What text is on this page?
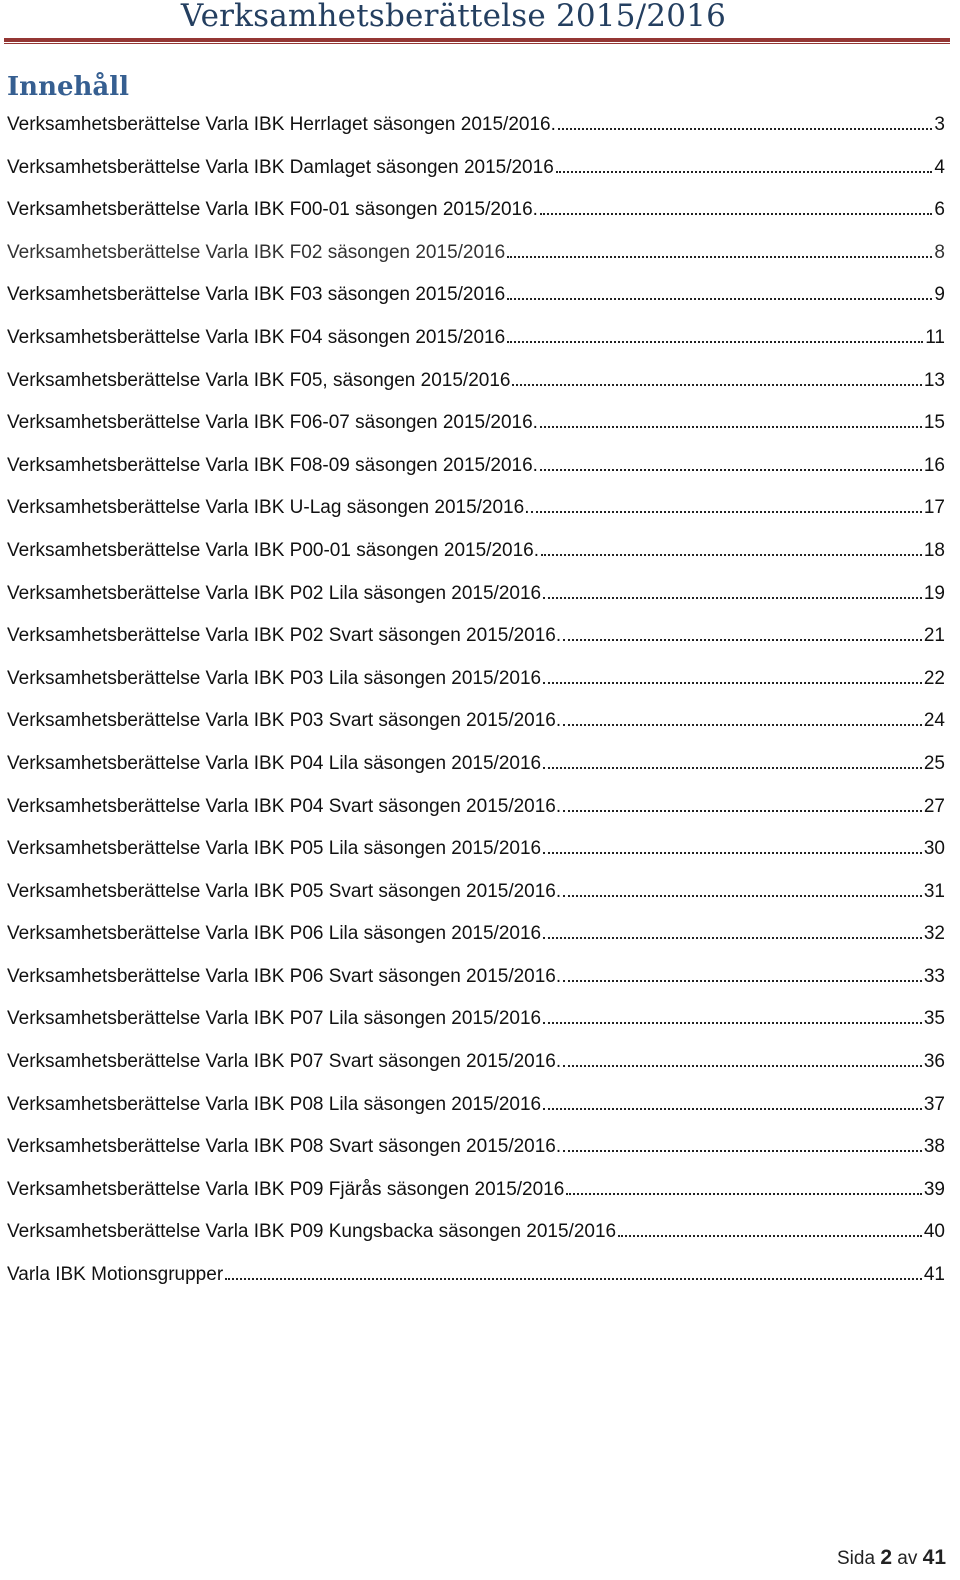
Verksamhetsberättelse 2015/2016
Innehåll
Verksamhetsberättelse Varla IBK Herrlaget säsongen 2015/2016.	3
Verksamhetsberättelse Varla IBK Damlaget säsongen 2015/2016	4
Verksamhetsberättelse Varla IBK F00-01 säsongen 2015/2016.	6
Verksamhetsberättelse Varla IBK F02 säsongen 2015/2016	8
Verksamhetsberättelse Varla IBK F03 säsongen 2015/2016	9
Verksamhetsberättelse Varla IBK F04 säsongen 2015/2016	11
Verksamhetsberättelse Varla IBK F05, säsongen 2015/2016	13
Verksamhetsberättelse Varla IBK F06-07 säsongen 2015/2016.	15
Verksamhetsberättelse Varla IBK F08-09 säsongen 2015/2016.	16
Verksamhetsberättelse Varla IBK U-Lag säsongen 2015/2016.	17
Verksamhetsberättelse Varla IBK P00-01 säsongen 2015/2016.	18
Verksamhetsberättelse Varla IBK P02 Lila säsongen 2015/2016	19
Verksamhetsberättelse Varla IBK P02 Svart säsongen 2015/2016.	21
Verksamhetsberättelse Varla IBK P03 Lila säsongen 2015/2016	22
Verksamhetsberättelse Varla IBK P03 Svart säsongen 2015/2016.	24
Verksamhetsberättelse Varla IBK P04 Lila säsongen 2015/2016	25
Verksamhetsberättelse Varla IBK P04 Svart säsongen 2015/2016.	27
Verksamhetsberättelse Varla IBK P05 Lila säsongen 2015/2016	30
Verksamhetsberättelse Varla IBK P05 Svart säsongen 2015/2016.	31
Verksamhetsberättelse Varla IBK P06 Lila säsongen 2015/2016	32
Verksamhetsberättelse Varla IBK P06 Svart säsongen 2015/2016.	33
Verksamhetsberättelse Varla IBK P07 Lila säsongen 2015/2016	35
Verksamhetsberättelse Varla IBK P07 Svart säsongen 2015/2016.	36
Verksamhetsberättelse Varla IBK P08 Lila säsongen 2015/2016	37
Verksamhetsberättelse Varla IBK P08 Svart säsongen 2015/2016.	38
Verksamhetsberättelse Varla IBK P09 Fjärås säsongen 2015/2016	39
Verksamhetsberättelse Varla IBK P09 Kungsbacka säsongen 2015/2016	40
Varla IBK Motionsgrupper	41
Sida 2 av 41
